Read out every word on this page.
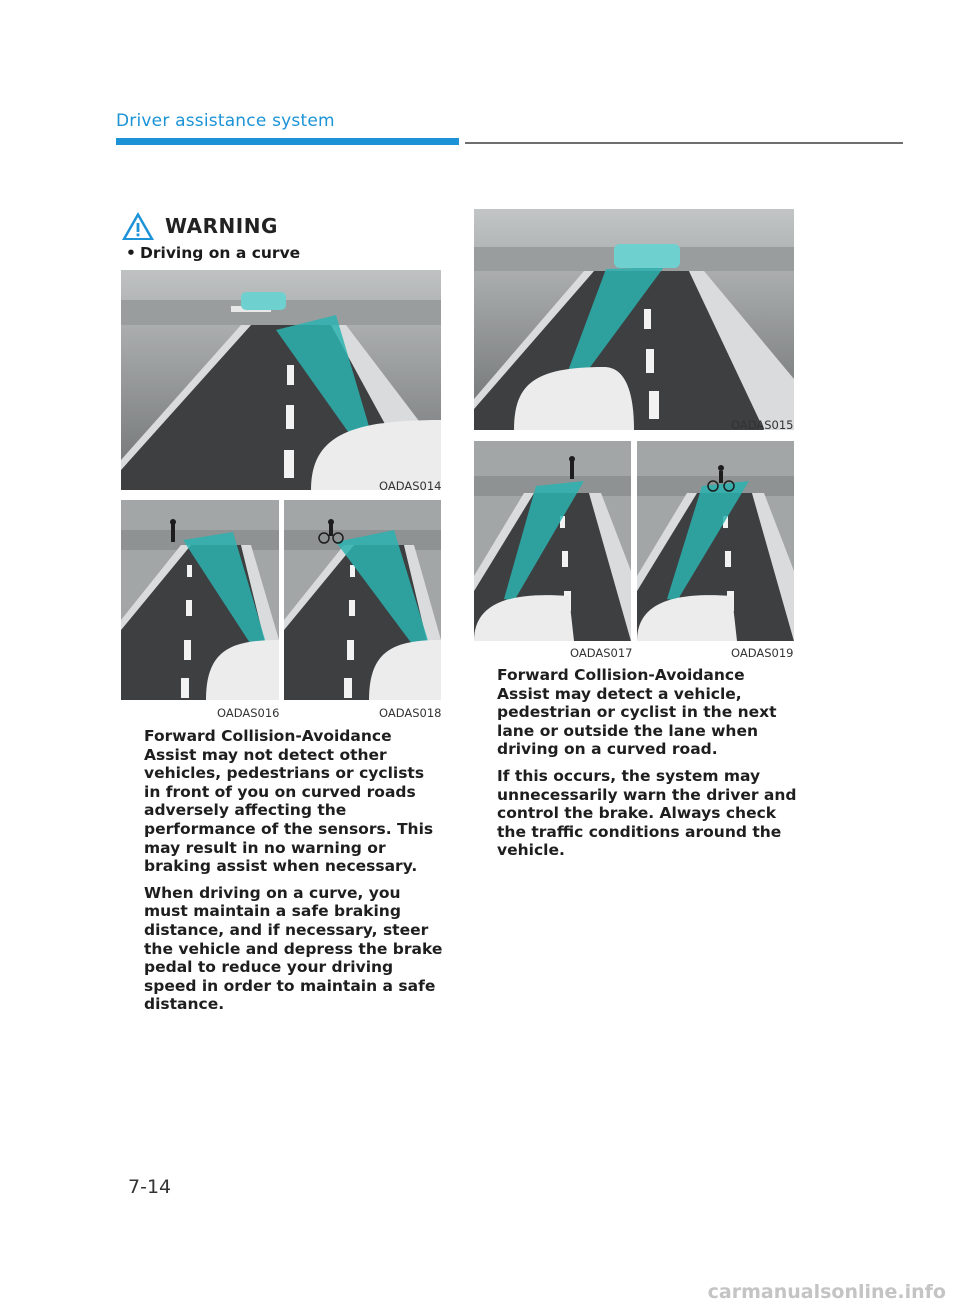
Driver assistance system
WARNING
• Driving on a curve
OADAS014
OADAS016	OADAS018

Forward Collision-Avoidance Assist may not detect other vehicles, pedestrians or cyclists in front of you on curved roads adversely affecting the performance of the sensors. This may result in no warning or braking assist when necessary.

When driving on a curve, you must maintain a safe braking distance, and if necessary, steer the vehicle and depress the brake pedal to reduce your driving speed in order to maintain a safe distance.

OADAS015
OADAS017	OADAS019

Forward Collision-Avoidance Assist may detect a vehicle, pedestrian or cyclist in the next lane or outside the lane when driving on a curved road.

If this occurs, the system may unnecessarily warn the driver and control the brake. Always check the traffic conditions around the vehicle.

7-14
carmanualsonline.info
